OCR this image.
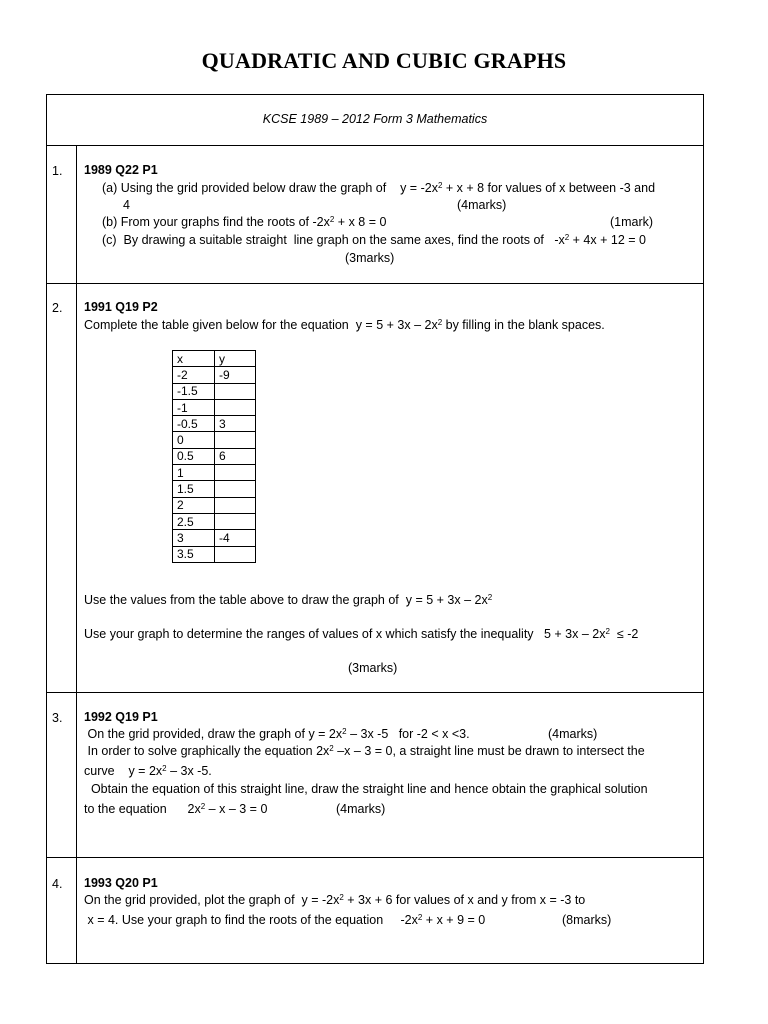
QUADRATIC AND CUBIC GRAPHS
KCSE 1989 – 2012 Form 3 Mathematics
1. 1989 Q22 P1
(a) Using the grid provided below draw the graph of    $y = -2x^2 + x + 8$ for values of x between -3 and
4	(4marks)
(b) From your graphs find the roots of $-2x^2 + x$ 8 = 0	(1mark)
(c)  By drawing a suitable straight  line graph on the same axes, find the roots of   $-x^2 + 4x + 12 = 0$
(3marks)
2. 1991 Q19 P2
Complete the table given below for the equation  $y = 5 + 3x - 2x^2$ by filling in the blank spaces.
x	y
-2	-9
-1.5	
-1	
-0.5	3
0	
0.5	6
1	
1.5	
2	
2.5	
3	-4
3.5	
Use the values from the table above to draw the graph of  $y = 5 + 3x - 2x^2$
Use your graph to determine the ranges of values of x which satisfy the inequality   $5 + 3x - 2x^2 \le -2$
(3marks)
3. 1992 Q19 P1
On the grid provided, draw the graph of $y = 2x^2 - 3x$ -5   for -2 < x <3.	(4marks)
In order to solve graphically the equation $2x^2$ –x – 3 = 0, a straight line must be drawn to intersect the
curve    $y = 2x^2 - 3x$ -5.
Obtain the equation of this straight line, draw the straight line and hence obtain the graphical solution
to the equation      $2x^2 - x - 3 = 0$	(4marks)
4. 1993 Q20 P1
On the grid provided, plot the graph of  $y = -2x^2 + 3x + 6$ for values of x and y from x = -3 to
x = 4. Use your graph to find the roots of the equation     $-2x^2 + x + 9 = 0$	(8marks)
